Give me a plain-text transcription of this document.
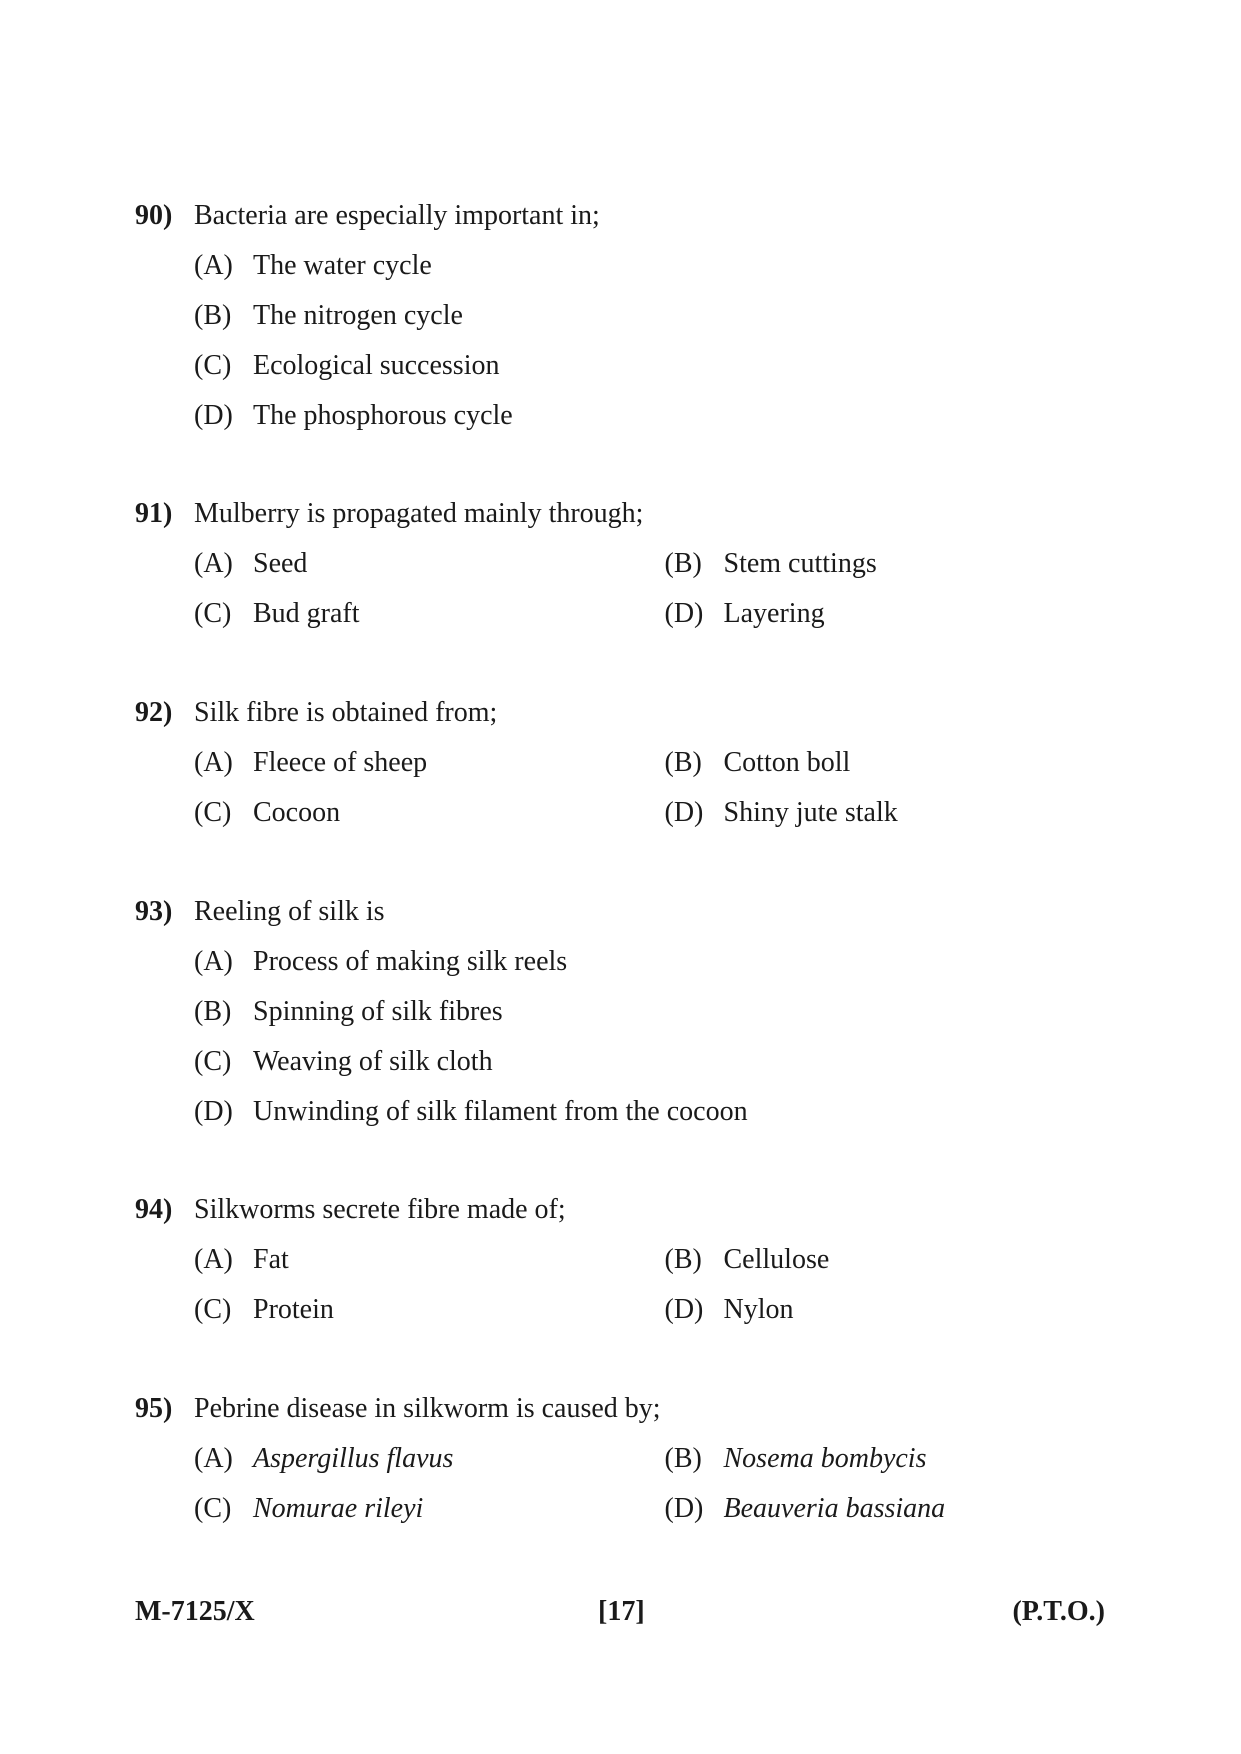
90) Bacteria are especially important in;
(A) The water cycle
(B) The nitrogen cycle
(C) Ecological succession
(D) The phosphorous cycle
91) Mulberry is propagated mainly through;
(A) Seed	(B) Stem cuttings
(C) Bud graft	(D) Layering
92) Silk fibre is obtained from;
(A) Fleece of sheep	(B) Cotton boll
(C) Cocoon	(D) Shiny jute stalk
93) Reeling of silk is
(A) Process of making silk reels
(B) Spinning of silk fibres
(C) Weaving of silk cloth
(D) Unwinding of silk filament from the cocoon
94) Silkworms secrete fibre made of;
(A) Fat	(B) Cellulose
(C) Protein	(D) Nylon
95) Pebrine disease in silkworm is caused by;
(A) Aspergillus flavus	(B) Nosema bombycis
(C) Nomurae rileyi	(D) Beauveria bassiana
M-7125/X	[17]	(P.T.O.)
